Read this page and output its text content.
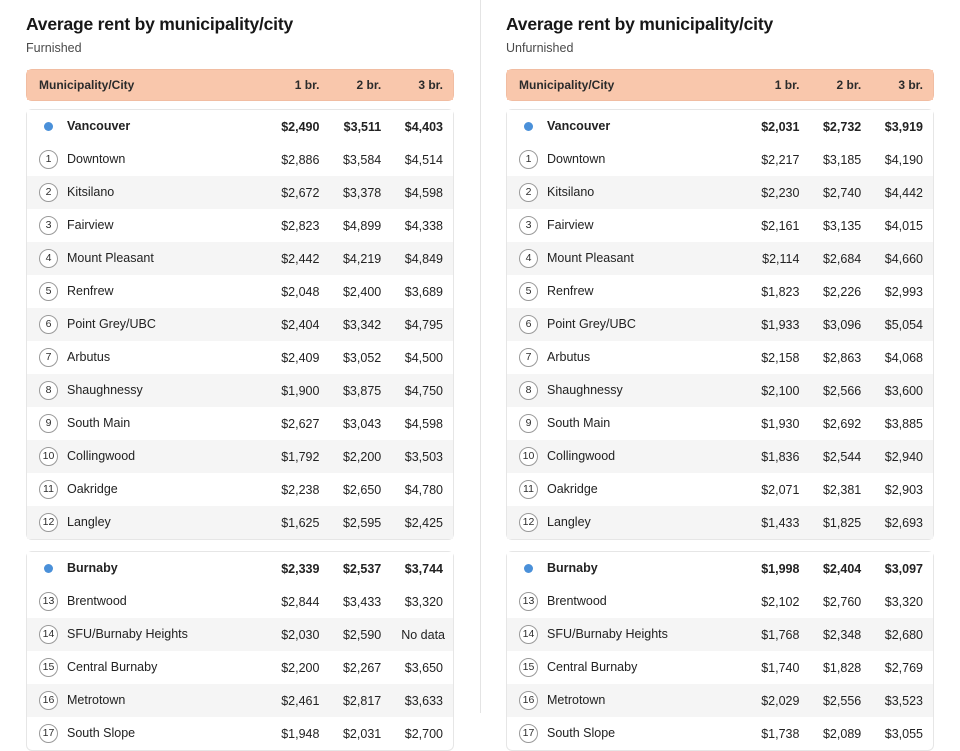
Average rent by municipality/city
Furnished
Municipality/City	1 br.	2 br.	3 br.
Vancouver	$2,490	$3,511	$4,403

1 Downtown	$2,886	$3,584	$4,514

2 Kitsilano	$2,672	$3,378	$4,598

3 Fairview	$2,823	$4,899	$4,338

4 Mount Pleasant	$2,442	$4,219	$4,849

5 Renfrew	$2,048	$2,400	$3,689

6 Point Grey/UBC	$2,404	$3,342	$4,795

7 Arbutus	$2,409	$3,052	$4,500

8 Shaughnessy	$1,900	$3,875	$4,750

9 South Main	$2,627	$3,043	$4,598

10 Collingwood	$1,792	$2,200	$3,503

11 Oakridge	$2,238	$2,650	$4,780

12 Langley	$1,625	$2,595	$2,425
Burnaby	$2,339	$2,537	$3,744

13 Brentwood	$2,844	$3,433	$3,320

14 SFU/Burnaby Heights	$2,030	$2,590	No data

15 Central Burnaby	$2,200	$2,267	$3,650

16 Metrotown	$2,461	$2,817	$3,633

17 South Slope	$1,948	$2,031	$2,700
Average rent by municipality/city
Unfurnished
Municipality/City	1 br.	2 br.	3 br.
Vancouver	$2,031	$2,732	$3,919

1 Downtown	$2,217	$3,185	$4,190

2 Kitsilano	$2,230	$2,740	$4,442

3 Fairview	$2,161	$3,135	$4,015

4 Mount Pleasant	$2,114	$2,684	$4,660

5 Renfrew	$1,823	$2,226	$2,993

6 Point Grey/UBC	$1,933	$3,096	$5,054

7 Arbutus	$2,158	$2,863	$4,068

8 Shaughnessy	$2,100	$2,566	$3,600

9 South Main	$1,930	$2,692	$3,885

10 Collingwood	$1,836	$2,544	$2,940

11 Oakridge	$2,071	$2,381	$2,903

12 Langley	$1,433	$1,825	$2,693
Burnaby	$1,998	$2,404	$3,097

13 Brentwood	$2,102	$2,760	$3,320

14 SFU/Burnaby Heights	$1,768	$2,348	$2,680

15 Central Burnaby	$1,740	$1,828	$2,769

16 Metrotown	$2,029	$2,556	$3,523

17 South Slope	$1,738	$2,089	$3,055
